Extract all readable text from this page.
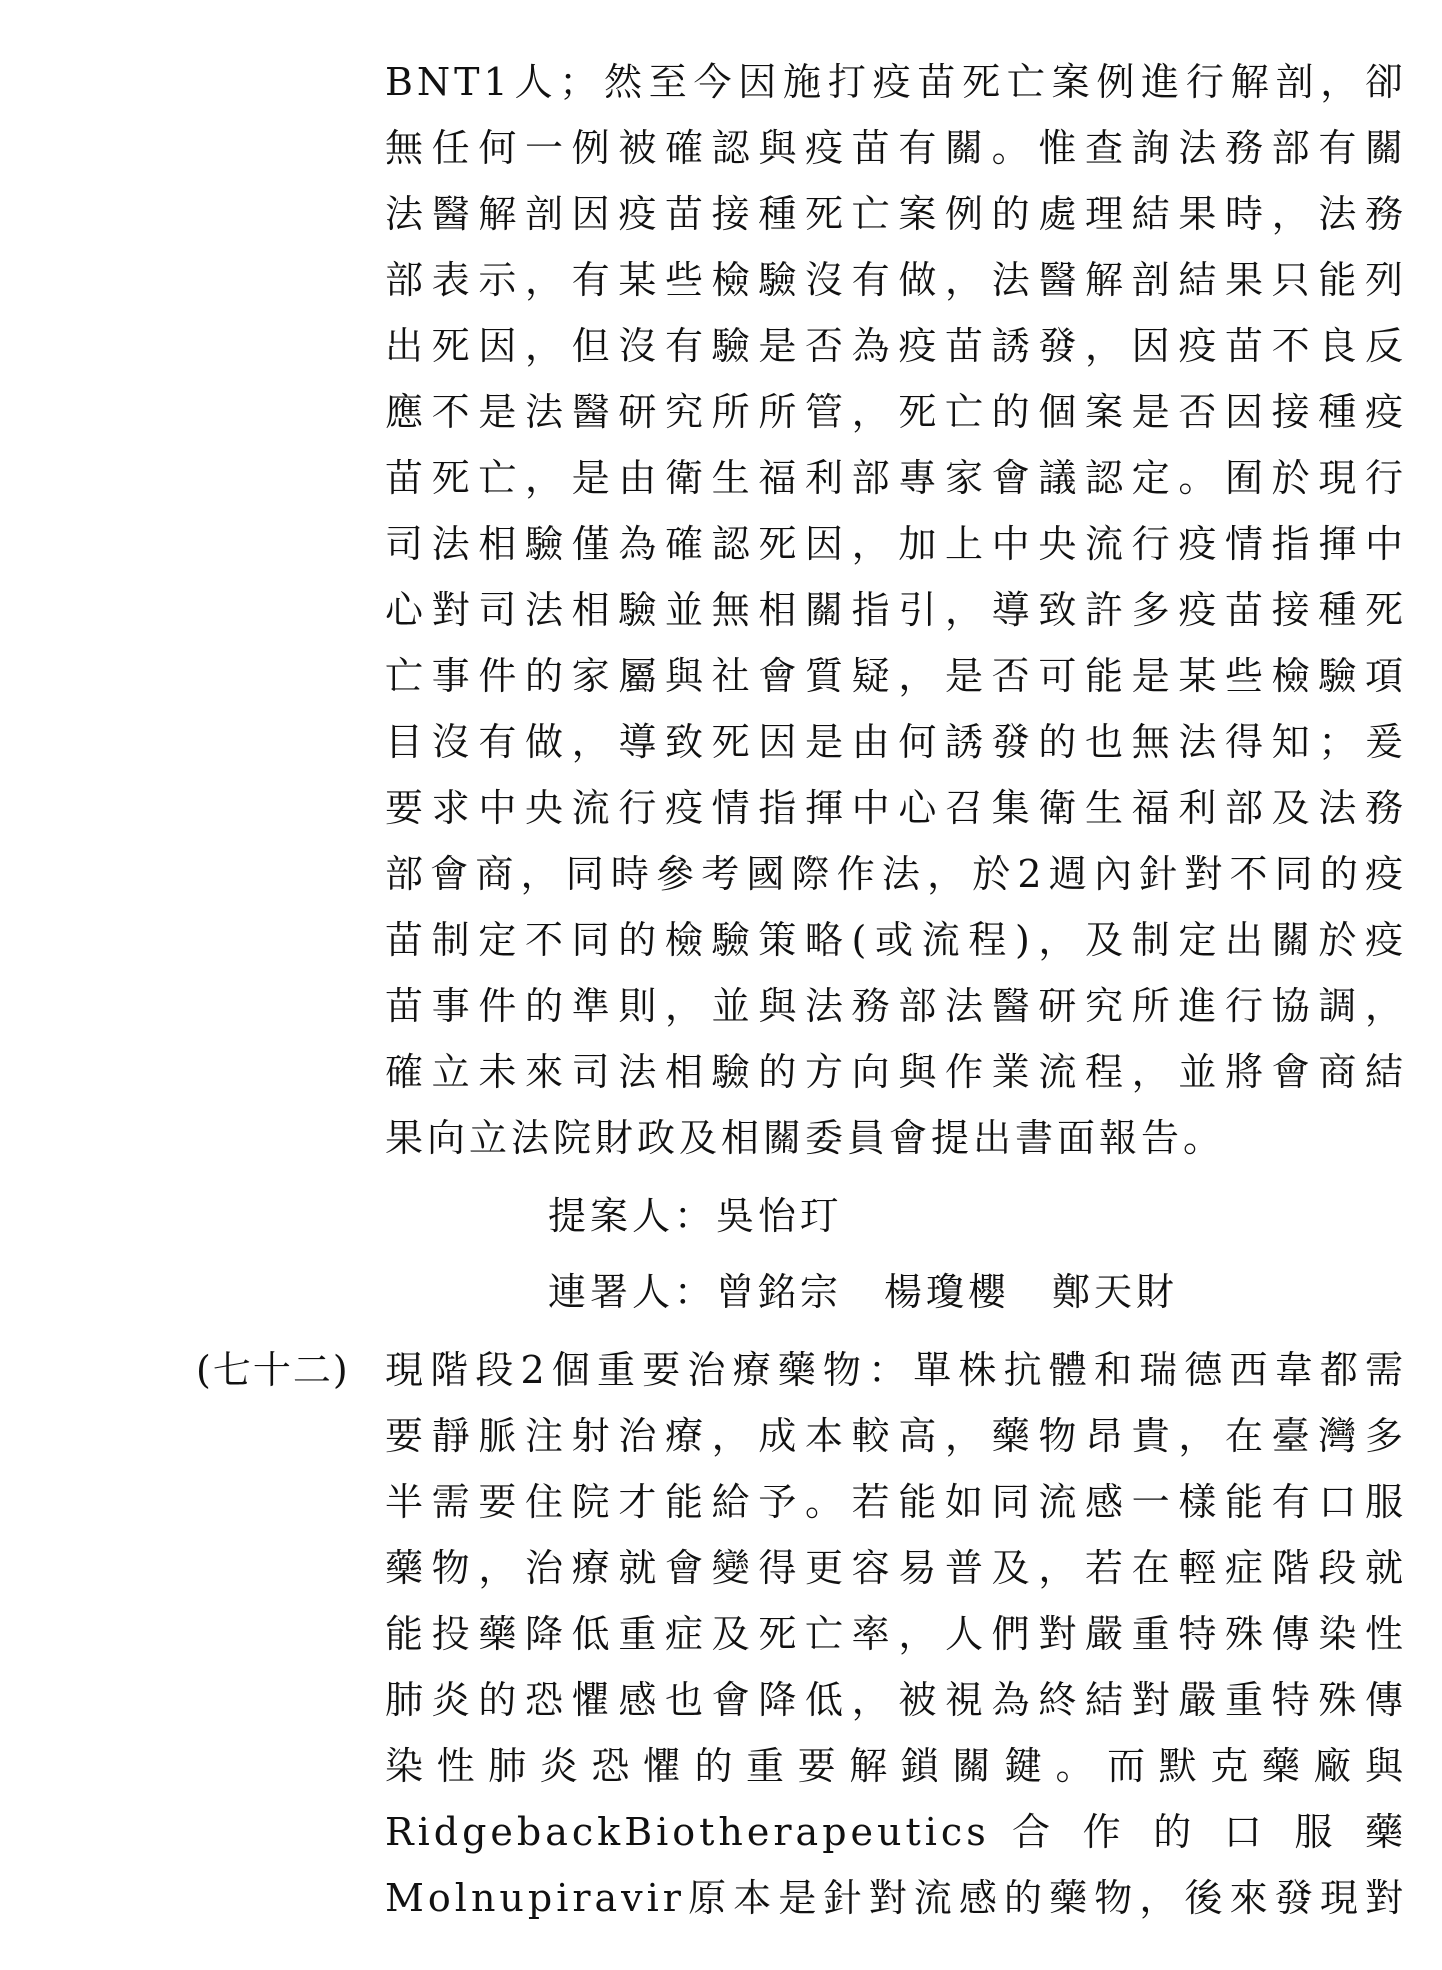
BNT1人；然至今因施打疫苗死亡案例進行解剖，卻
無任何一例被確認與疫苗有關。惟查詢法務部有關
法醫解剖因疫苗接種死亡案例的處理結果時，法務
部表示，有某些檢驗沒有做，法醫解剖結果只能列
出死因，但沒有驗是否為疫苗誘發，因疫苗不良反
應不是法醫研究所所管，死亡的個案是否因接種疫
苗死亡，是由衛生福利部專家會議認定。囿於現行
司法相驗僅為確認死因，加上中央流行疫情指揮中
心對司法相驗並無相關指引，導致許多疫苗接種死
亡事件的家屬與社會質疑，是否可能是某些檢驗項
目沒有做，導致死因是由何誘發的也無法得知；爰
要求中央流行疫情指揮中心召集衛生福利部及法務
部會商，同時參考國際作法，於2週內針對不同的疫
苗制定不同的檢驗策略(或流程)，及制定出關於疫
苗事件的準則，並與法務部法醫研究所進行協調，
確立未來司法相驗的方向與作業流程，並將會商結
果向立法院財政及相關委員會提出書面報告。
提案人：吳怡玎
連署人：曾銘宗　楊瓊櫻　鄭天財
(七十二) 現階段2個重要治療藥物：單株抗體和瑞德西韋都需
要靜脈注射治療，成本較高，藥物昂貴，在臺灣多
半需要住院才能給予。若能如同流感一樣能有口服
藥物，治療就會變得更容易普及，若在輕症階段就
能投藥降低重症及死亡率，人們對嚴重特殊傳染性
肺炎的恐懼感也會降低，被視為終結對嚴重特殊傳
染性肺炎恐懼的重要解鎖關鍵。而默克藥廠與
RidgebackBiotherapeutics 合 作 的 口 服 藥
Molnupiravir原本是針對流感的藥物，後來發現對
